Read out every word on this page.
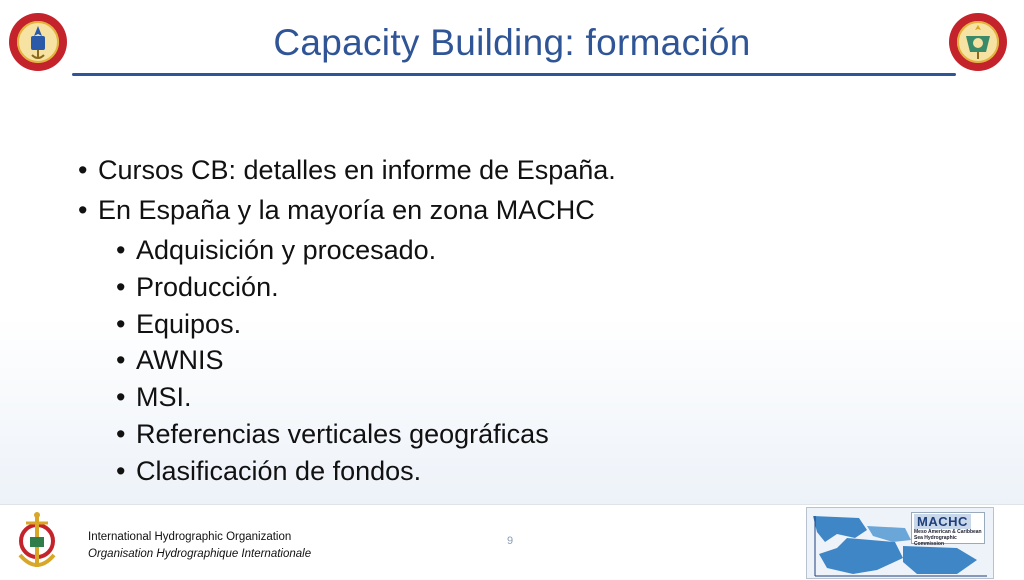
Capacity Building: formación
• Cursos CB: detalles en informe de España.
• En España y la mayoría en zona MACHC
• Adquisición y procesado.
• Producción.
• Equipos.
• AWNIS
• MSI.
• Referencias verticales geográficas
• Clasificación de fondos.
International Hydrographic Organization
Organisation Hydrographique Internationale
9
MACHC
Meso American & Caribbean Sea Hydrographic Commission
